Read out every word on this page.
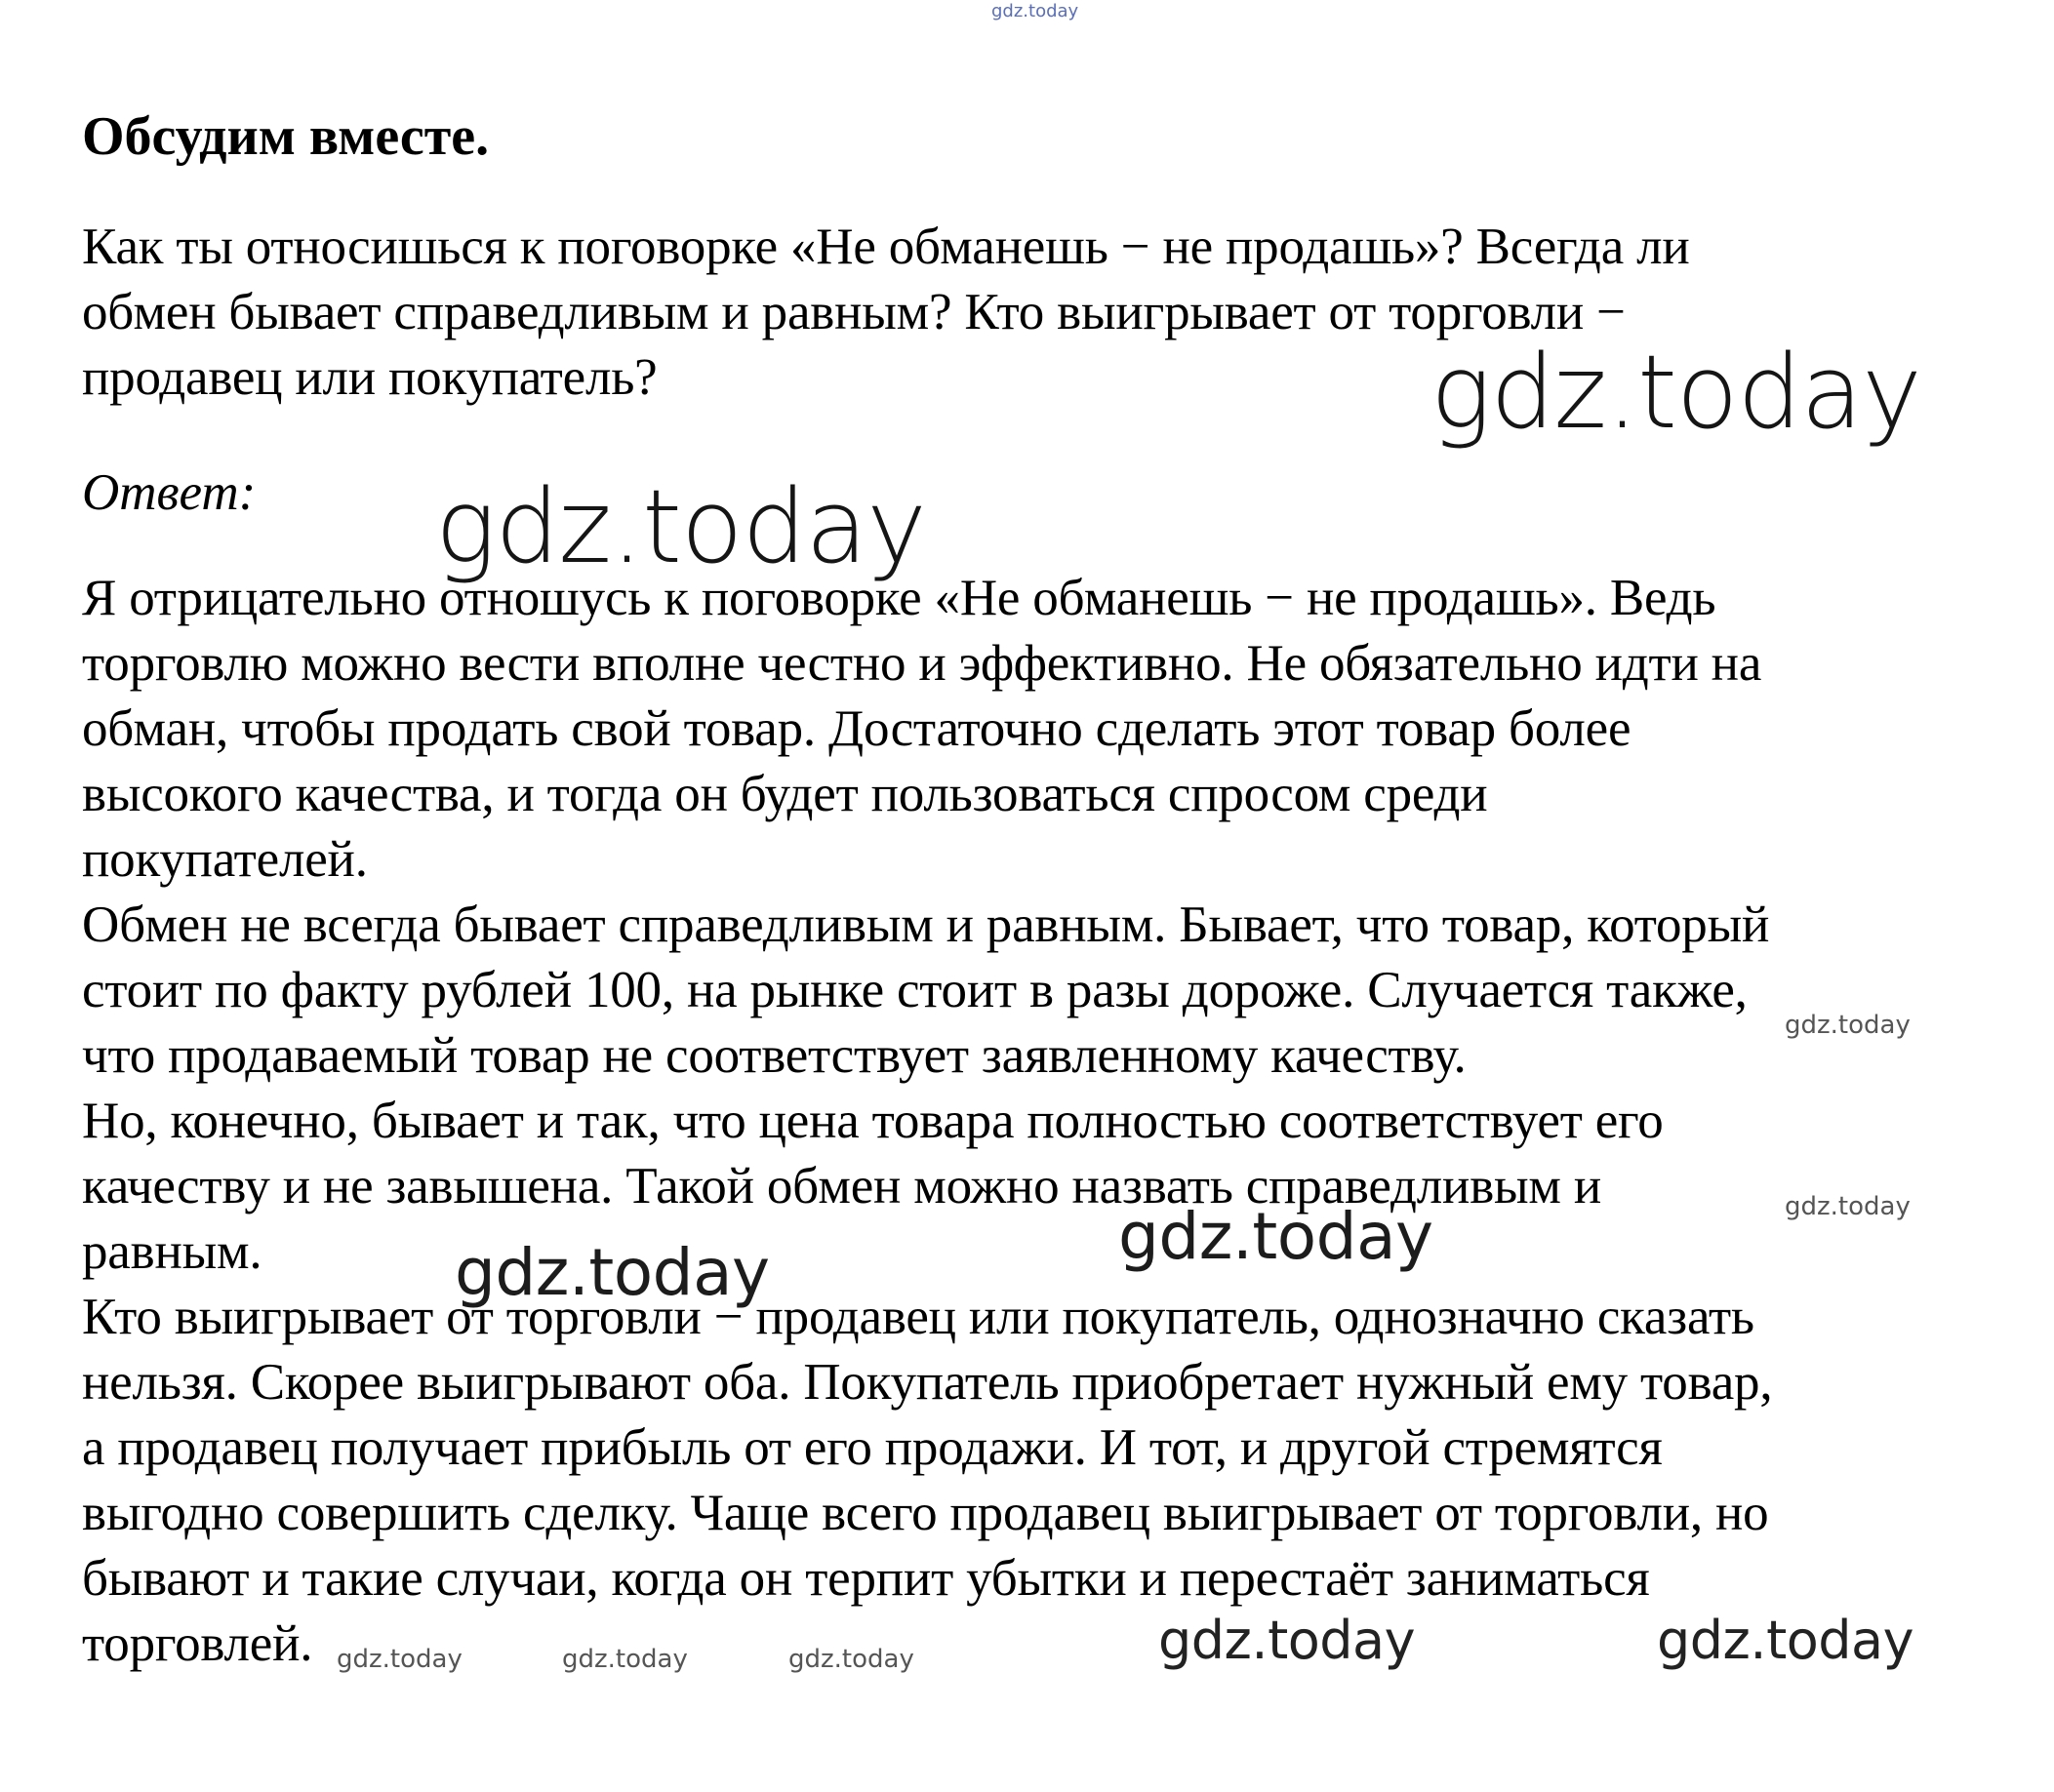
gdz.today
Обсудим вместе.
Как ты относишься к поговорке «Не обманешь − не продашь»? Всегда ли
обмен бывает справедливым и равным? Кто выигрывает от торговли −
продавец или покупатель?
Ответ:
Я отрицательно отношусь к поговорке «Не обманешь − не продашь». Ведь
торговлю можно вести вполне честно и эффективно. Не обязательно идти на
обман, чтобы продать свой товар. Достаточно сделать этот товар более
высокого качества, и тогда он будет пользоваться спросом среди
покупателей.
Обмен не всегда бывает справедливым и равным. Бывает, что товар, который
стоит по факту рублей 100, на рынке стоит в разы дороже. Случается также,
что продаваемый товар не соответствует заявленному качеству.
Но, конечно, бывает и так, что цена товара полностью соответствует его
качеству и не завышена. Такой обмен можно назвать справедливым и
равным.
Кто выигрывает от торговли − продавец или покупатель, однозначно сказать
нельзя. Скорее выигрывают оба. Покупатель приобретает нужный ему товар,
а продавец получает прибыль от его продажи. И тот, и другой стремятся
выгодно совершить сделку. Чаще всего продавец выигрывает от торговли, но
бывают и такие случаи, когда он терпит убытки и перестаёт заниматься
торговлей.
gdz.today
gdz.today
gdz.today
gdz.today
gdz.today
gdz.today
gdz.today	gdz.today	gdz.today	gdz.today	gdz.today
